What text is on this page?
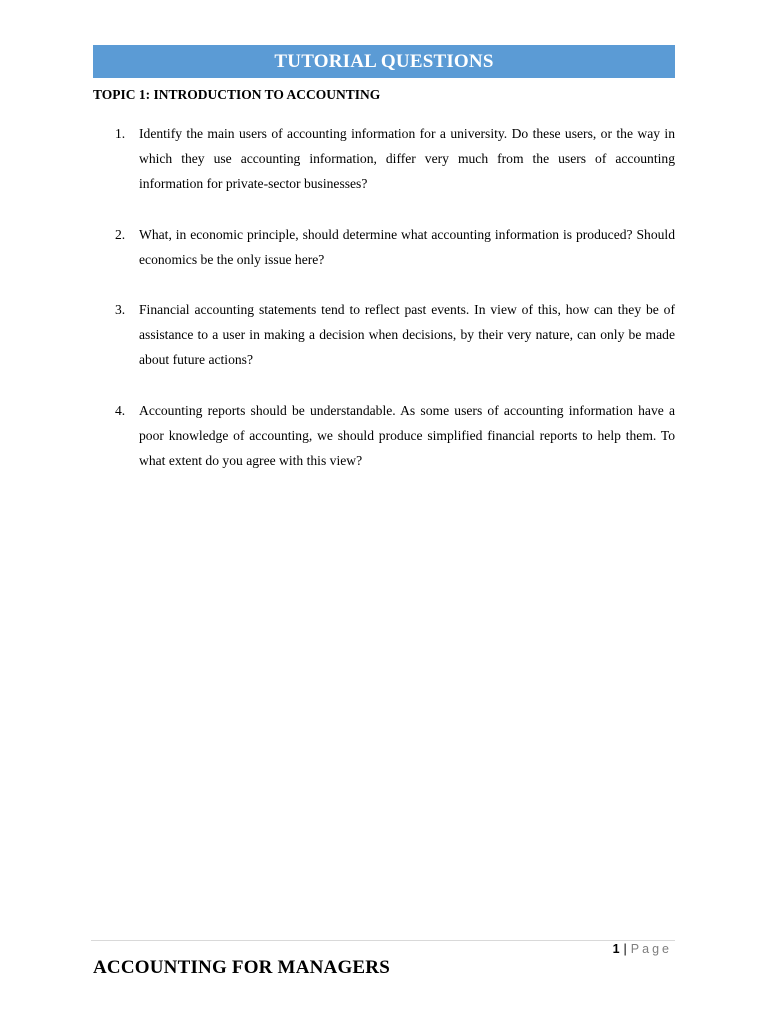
TUTORIAL QUESTIONS
TOPIC 1: INTRODUCTION TO ACCOUNTING
1. Identify the main users of accounting information for a university. Do these users, or the way in which they use accounting information, differ very much from the users of accounting information for private-sector businesses?
2. What, in economic principle, should determine what accounting information is produced? Should economics be the only issue here?
3. Financial accounting statements tend to reflect past events. In view of this, how can they be of assistance to a user in making a decision when decisions, by their very nature, can only be made about future actions?
4. Accounting reports should be understandable. As some users of accounting information have a poor knowledge of accounting, we should produce simplified financial reports to help them. To what extent do you agree with this view?
1 | Page
ACCOUNTING FOR MANAGERS
